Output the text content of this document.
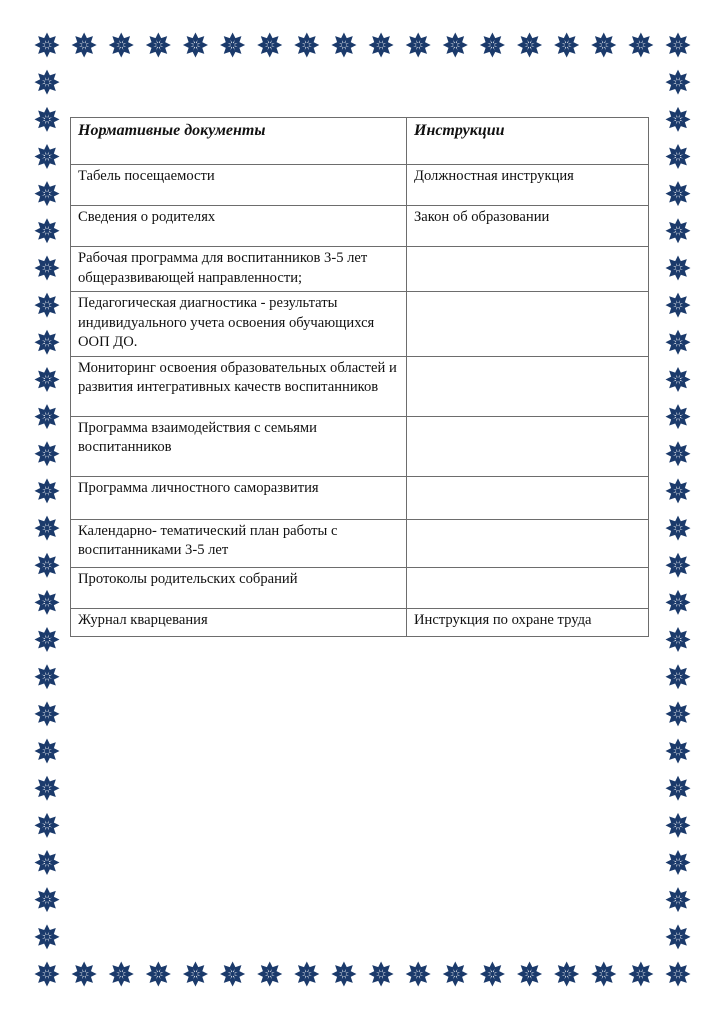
Нормативные документы	Инструкции
Табель посещаемости	Должностная инструкция
Сведения о родителях	Закон об образовании
Рабочая программа для воспитанников 3-5 лет общеразвивающей направленности;	
Педагогическая диагностика - результаты индивидуального учета освоения обучающихся ООП ДО.	
Мониторинг освоения образовательных областей и развития интегративных качеств воспитанников	
Программа взаимодействия с семьями воспитанников	
Программа личностного саморазвития	
Календарно- тематический план работы с воспитанниками 3-5 лет	
Протоколы родительских собраний	
Журнал кварцевания	Инструкция по охране труда
